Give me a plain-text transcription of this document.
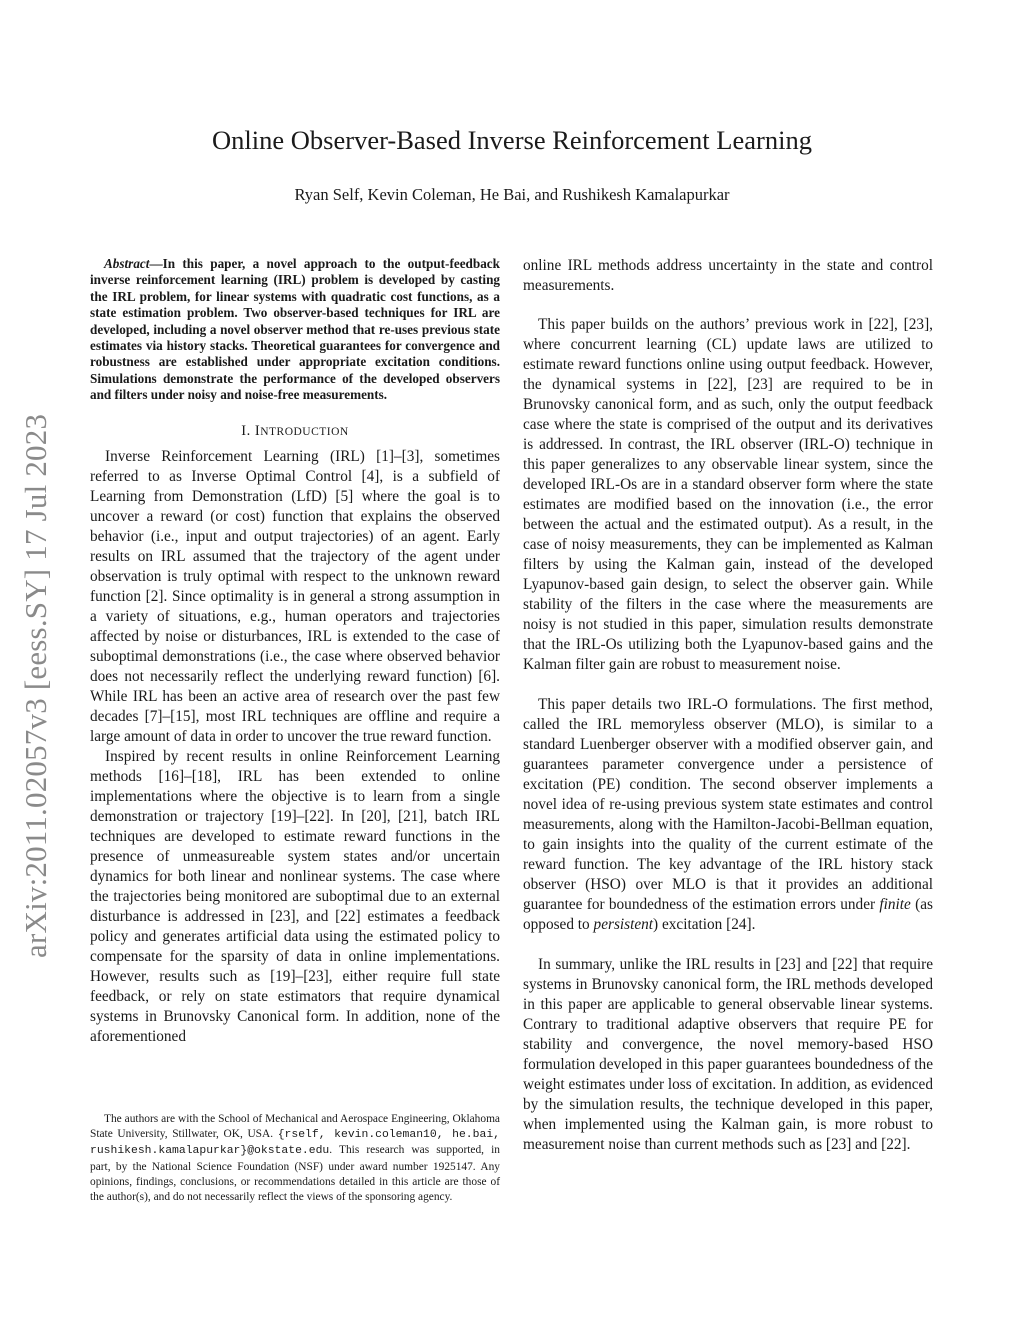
arXiv:2011.02057v3 [eess.SY] 17 Jul 2023
Online Observer-Based Inverse Reinforcement Learning
Ryan Self, Kevin Coleman, He Bai, and Rushikesh Kamalapurkar

Abstract—In this paper, a novel approach to the output-feedback inverse reinforcement learning (IRL) problem is developed by casting the IRL problem, for linear systems with quadratic cost functions, as a state estimation problem. Two observer-based techniques for IRL are developed, including a novel observer method that re-uses previous state estimates via history stacks. Theoretical guarantees for convergence and robustness are established under appropriate excitation conditions. Simulations demonstrate the performance of the developed observers and filters under noisy and noise-free measurements.

I. INTRODUCTION

Inverse Reinforcement Learning (IRL) [1]–[3], sometimes referred to as Inverse Optimal Control [4], is a subfield of Learning from Demonstration (LfD) [5] where the goal is to uncover a reward (or cost) function that explains the observed behavior (i.e., input and output trajectories) of an agent. Early results on IRL assumed that the trajectory of the agent under observation is truly optimal with respect to the unknown reward function [2]. Since optimality is in general a strong assumption in a variety of situations, e.g., human operators and trajectories affected by noise or disturbances, IRL is extended to the case of suboptimal demonstrations (i.e., the case where observed behavior does not necessarily reflect the underlying reward function) [6]. While IRL has been an active area of research over the past few decades [7]–[15], most IRL techniques are offline and require a large amount of data in order to uncover the true reward function.

Inspired by recent results in online Reinforcement Learning methods [16]–[18], IRL has been extended to online implementations where the objective is to learn from a single demonstration or trajectory [19]–[22]. In [20], [21], batch IRL techniques are developed to estimate reward functions in the presence of unmeasureable system states and/or uncertain dynamics for both linear and nonlinear systems. The case where the trajectories being monitored are suboptimal due to an external disturbance is addressed in [23], and [22] estimates a feedback policy and generates artificial data using the estimated policy to compensate for the sparsity of data in online implementations. However, results such as [19]–[23], either require full state feedback, or rely on state estimators that require dynamical systems in Brunovsky Canonical form. In addition, none of the aforementioned

online IRL methods address uncertainty in the state and control measurements.

This paper builds on the authors’ previous work in [22], [23], where concurrent learning (CL) update laws are utilized to estimate reward functions online using output feedback. However, the dynamical systems in [22], [23] are required to be in Brunovsky canonical form, and as such, only the output feedback case where the state is comprised of the output and its derivatives is addressed. In contrast, the IRL observer (IRL-O) technique in this paper generalizes to any observable linear system, since the developed IRL-Os are in a standard observer form where the state estimates are modified based on the innovation (i.e., the error between the actual and the estimated output). As a result, in the case of noisy measurements, they can be implemented as Kalman filters by using the Kalman gain, instead of the developed Lyapunov-based gain design, to select the observer gain. While stability of the filters in the case where the measurements are noisy is not studied in this paper, simulation results demonstrate that the IRL-Os utilizing both the Lyapunov-based gains and the Kalman filter gain are robust to measurement noise.

This paper details two IRL-O formulations. The first method, called the IRL memoryless observer (MLO), is similar to a standard Luenberger observer with a modified observer gain, and guarantees parameter convergence under a persistence of excitation (PE) condition. The second observer implements a novel idea of re-using previous system state estimates and control measurements, along with the Hamilton-Jacobi-Bellman equation, to gain insights into the quality of the current estimate of the reward function. The key advantage of the IRL history stack observer (HSO) over MLO is that it provides an additional guarantee for boundedness of the estimation errors under finite (as opposed to persistent) excitation [24].

In summary, unlike the IRL results in [23] and [22] that require systems in Brunovsky canonical form, the IRL methods developed in this paper are applicable to general observable linear systems. Contrary to traditional adaptive observers that require PE for stability and convergence, the novel memory-based HSO formulation developed in this paper guarantees boundedness of the weight estimates under loss of excitation. In addition, as evidenced by the simulation results, the technique developed in this paper, when implemented using the Kalman gain, is more robust to measurement noise than current methods such as [23] and [22].

The authors are with the School of Mechanical and Aerospace Engineering, Oklahoma State University, Stillwater, OK, USA. {rself, kevin.coleman10, he.bai, rushikesh.kamalapurkar}@okstate.edu. This research was supported, in part, by the National Science Foundation (NSF) under award number 1925147. Any opinions, findings, conclusions, or recommendations detailed in this article are those of the author(s), and do not necessarily reflect the views of the sponsoring agency.
